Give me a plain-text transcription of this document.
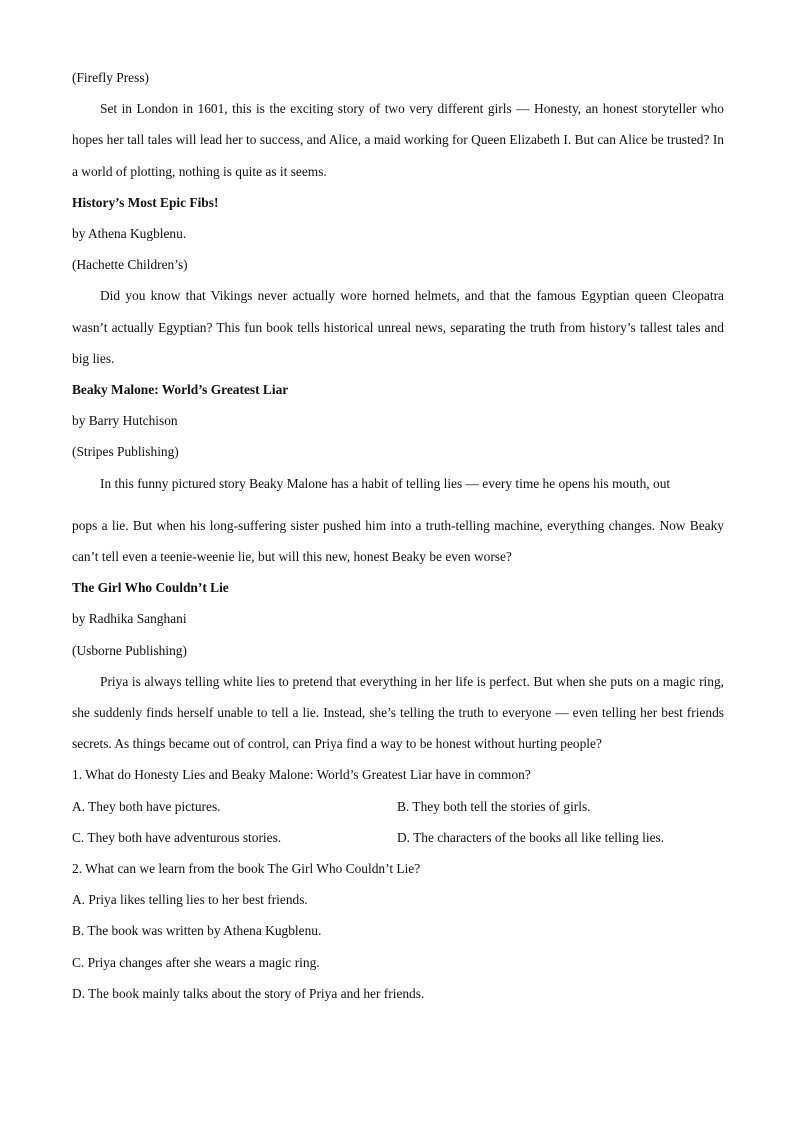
(Firefly Press)

Set in London in 1601, this is the exciting story of two very different girls — Honesty, an honest storyteller who hopes her tall tales will lead her to success, and Alice, a maid working for Queen Elizabeth I. But can Alice be trusted? In a world of plotting, nothing is quite as it seems.

History’s Most Epic Fibs!

by Athena Kugblenu.

(Hachette Children’s)

Did you know that Vikings never actually wore horned helmets, and that the famous Egyptian queen Cleopatra wasn’t actually Egyptian? This fun book tells historical unreal news, separating the truth from history’s tallest tales and big lies.

Beaky Malone: World’s Greatest Liar

by Barry Hutchison

(Stripes Publishing)

In this funny pictured story Beaky Malone has a habit of telling lies — every time he opens his mouth, out
pops a lie. But when his long-suffering sister pushed him into a truth-telling machine, everything changes. Now Beaky can’t tell even a teenie-weenie lie, but will this new, honest Beaky be even worse?

The Girl Who Couldn’t Lie

by Radhika Sanghani

(Usborne Publishing)

Priya is always telling white lies to pretend that everything in her life is perfect. But when she puts on a magic ring, she suddenly finds herself unable to tell a lie. Instead, she’s telling the truth to everyone — even telling her best friends secrets. As things became out of control, can Priya find a way to be honest without hurting people?

1. What do Honesty Lies and Beaky Malone: World’s Greatest Liar have in common?

A. They both have pictures.	B. They both tell the stories of girls.
C. They both have adventurous stories.	D. The characters of the books all like telling lies.

2. What can we learn from the book The Girl Who Couldn’t Lie?

A. Priya likes telling lies to her best friends.

B. The book was written by Athena Kugblenu.

C. Priya changes after she wears a magic ring.

D. The book mainly talks about the story of Priya and her friends.
